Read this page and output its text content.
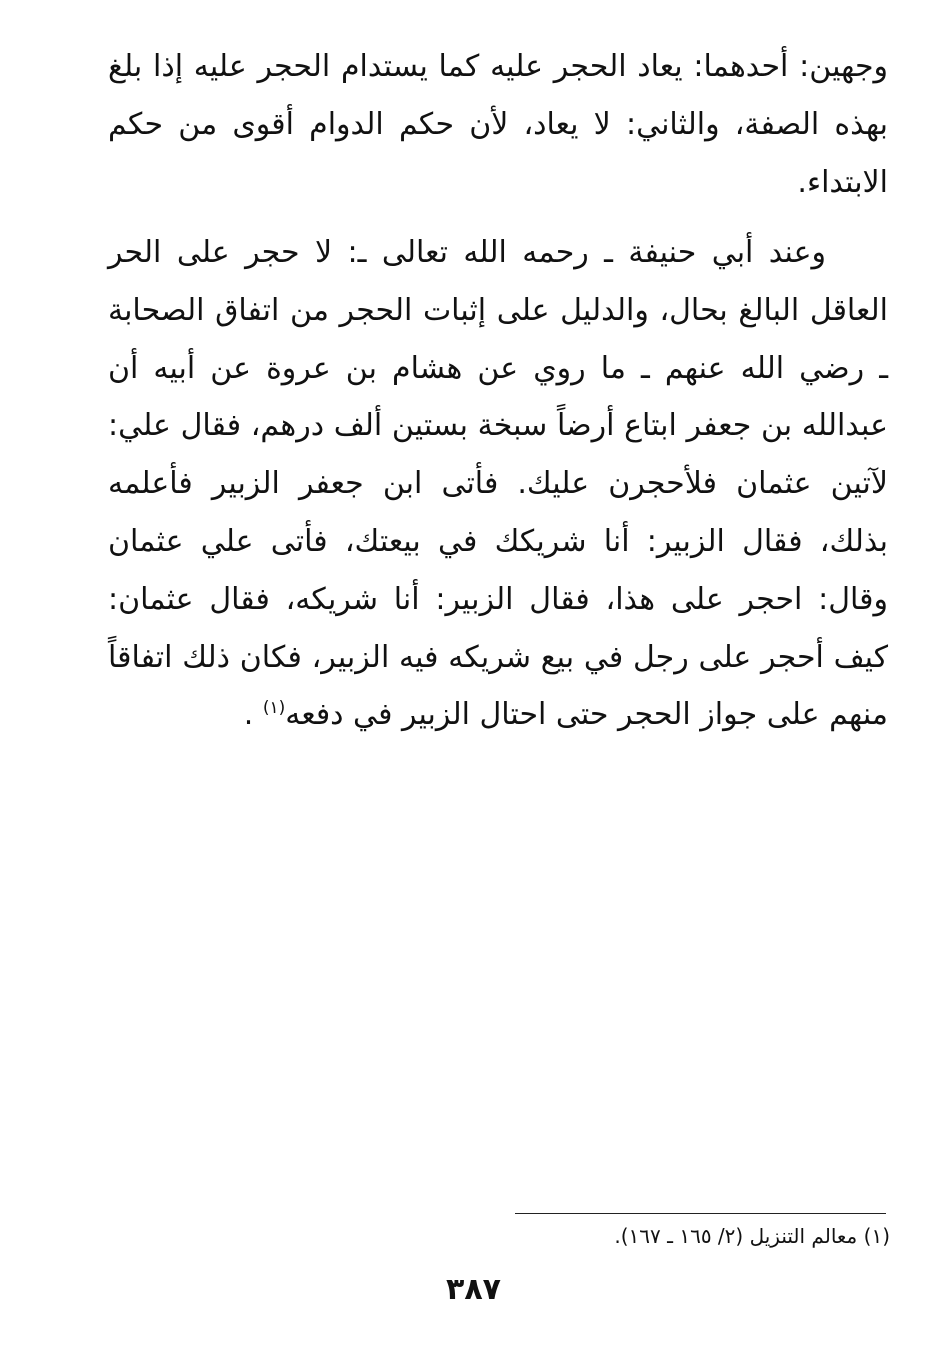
وجهين: أحدهما: يعاد الحجر عليه كما يستدام الحجر عليه إذا بلغ بهذه الصفة، والثاني: لا يعاد، لأن حكم الدوام أقوى من حكم الابتداء.

وعند أبي حنيفة ـ رحمه الله تعالى ـ: لا حجر على الحر العاقل البالغ بحال، والدليل على إثبات الحجر من اتفاق الصحابة ـ رضي الله عنهم ـ ما روي عن هشام بن عروة عن أبيه أن عبدالله بن جعفر ابتاع أرضاً سبخة بستين ألف درهم، فقال علي: لآتين عثمان فلأحجرن عليك. فأتى ابن جعفر الزبير فأعلمه بذلك، فقال الزبير: أنا شريكك في بيعتك، فأتى علي عثمان وقال: احجر على هذا، فقال الزبير: أنا شريكه، فقال عثمان: كيف أحجر على رجل في بيع شريكه فيه الزبير، فكان ذلك اتفاقاً منهم على جواز الحجر حتى احتال الزبير في دفعه$^{(١)}$ .

(١) معالم التنزيل (٢/ ١٦٥ ـ ١٦٧).

٣٨٧
